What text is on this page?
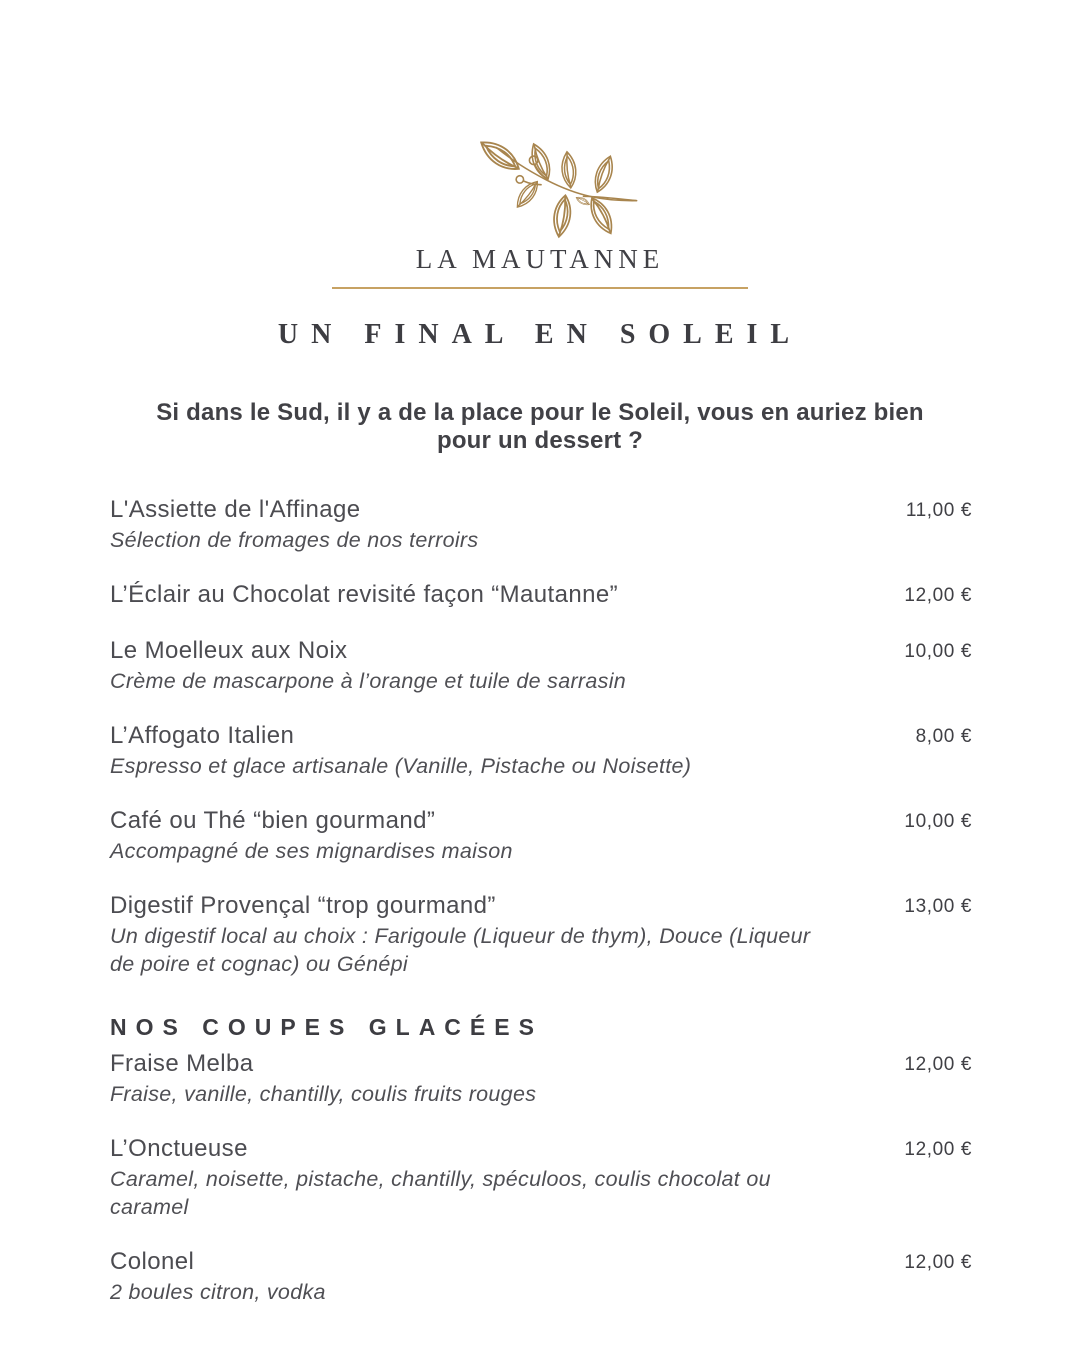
LA MAUTANNE
UN FINAL EN SOLEIL

Si dans le Sud, il y a de la place pour le Soleil, vous en auriez bien
pour un dessert ?

L'Assiette de l'Affinage	11,00 €
Sélection de fromages de nos terroirs
L’Éclair au Chocolat revisité façon “Mautanne”	12,00 €
Le Moelleux aux Noix	10,00 €
Crème de mascarpone à l’orange et tuile de sarrasin
L’Affogato Italien	8,00 €
Espresso et glace artisanale (Vanille, Pistache ou Noisette)
Café ou Thé “bien gourmand”	10,00 €
Accompagné de ses mignardises maison
Digestif Provençal “trop gourmand”	13,00 €
Un digestif local au choix : Farigoule (Liqueur de thym), Douce (Liqueur de poire et cognac) ou Génépi
NOS COUPES GLACÉES
Fraise Melba	12,00 €
Fraise, vanille, chantilly, coulis fruits rouges
L’Onctueuse	12,00 €
Caramel, noisette, pistache, chantilly, spéculoos, coulis chocolat ou caramel
Colonel	12,00 €
2 boules citron, vodka
